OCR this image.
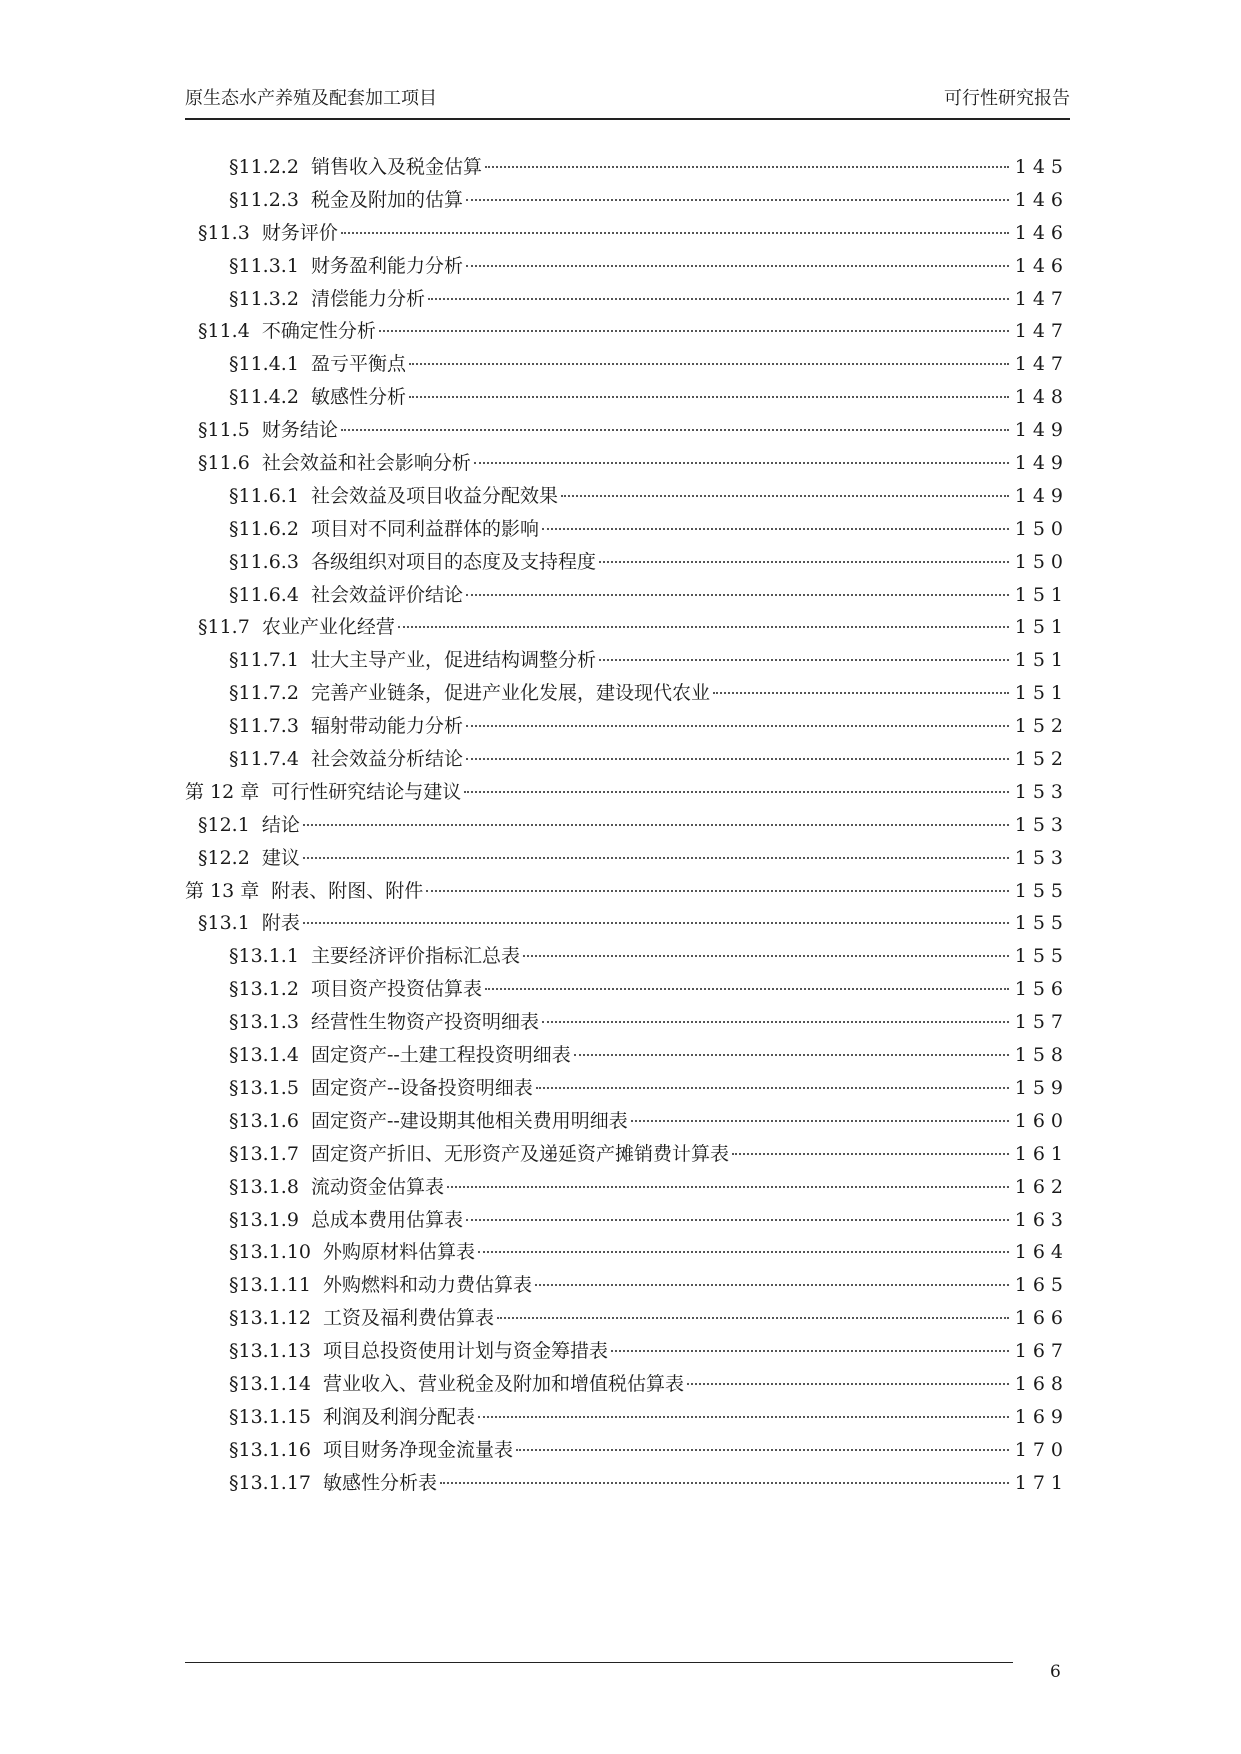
原生态水产养殖及配套加工项目	可行性研究报告
§11.2.2 销售收入及税金估算	145
§11.2.3 税金及附加的估算	146
§11.3 财务评价	146
§11.3.1 财务盈利能力分析	146
§11.3.2 清偿能力分析	147
§11.4 不确定性分析	147
§11.4.1 盈亏平衡点	147
§11.4.2 敏感性分析	148
§11.5 财务结论	149
§11.6 社会效益和社会影响分析	149
§11.6.1 社会效益及项目收益分配效果	149
§11.6.2 项目对不同利益群体的影响	150
§11.6.3 各级组织对项目的态度及支持程度	150
§11.6.4 社会效益评价结论	151
§11.7 农业产业化经营	151
§11.7.1 壮大主导产业，促进结构调整分析	151
§11.7.2 完善产业链条，促进产业化发展，建设现代农业	151
§11.7.3 辐射带动能力分析	152
§11.7.4 社会效益分析结论	152
第 12 章 可行性研究结论与建议	153
§12.1 结论	153
§12.2 建议	153
第 13 章 附表、附图、附件	155
§13.1 附表	155
§13.1.1 主要经济评价指标汇总表	155
§13.1.2 项目资产投资估算表	156
§13.1.3 经营性生物资产投资明细表	157
§13.1.4 固定资产--土建工程投资明细表	158
§13.1.5 固定资产--设备投资明细表	159
§13.1.6 固定资产--建设期其他相关费用明细表	160
§13.1.7 固定资产折旧、无形资产及递延资产摊销费计算表	161
§13.1.8 流动资金估算表	162
§13.1.9 总成本费用估算表	163
§13.1.10 外购原材料估算表	164
§13.1.11 外购燃料和动力费估算表	165
§13.1.12 工资及福利费估算表	166
§13.1.13 项目总投资使用计划与资金筹措表	167
§13.1.14 营业收入、营业税金及附加和增值税估算表	168
§13.1.15 利润及利润分配表	169
§13.1.16 项目财务净现金流量表	170
§13.1.17 敏感性分析表	171
6
